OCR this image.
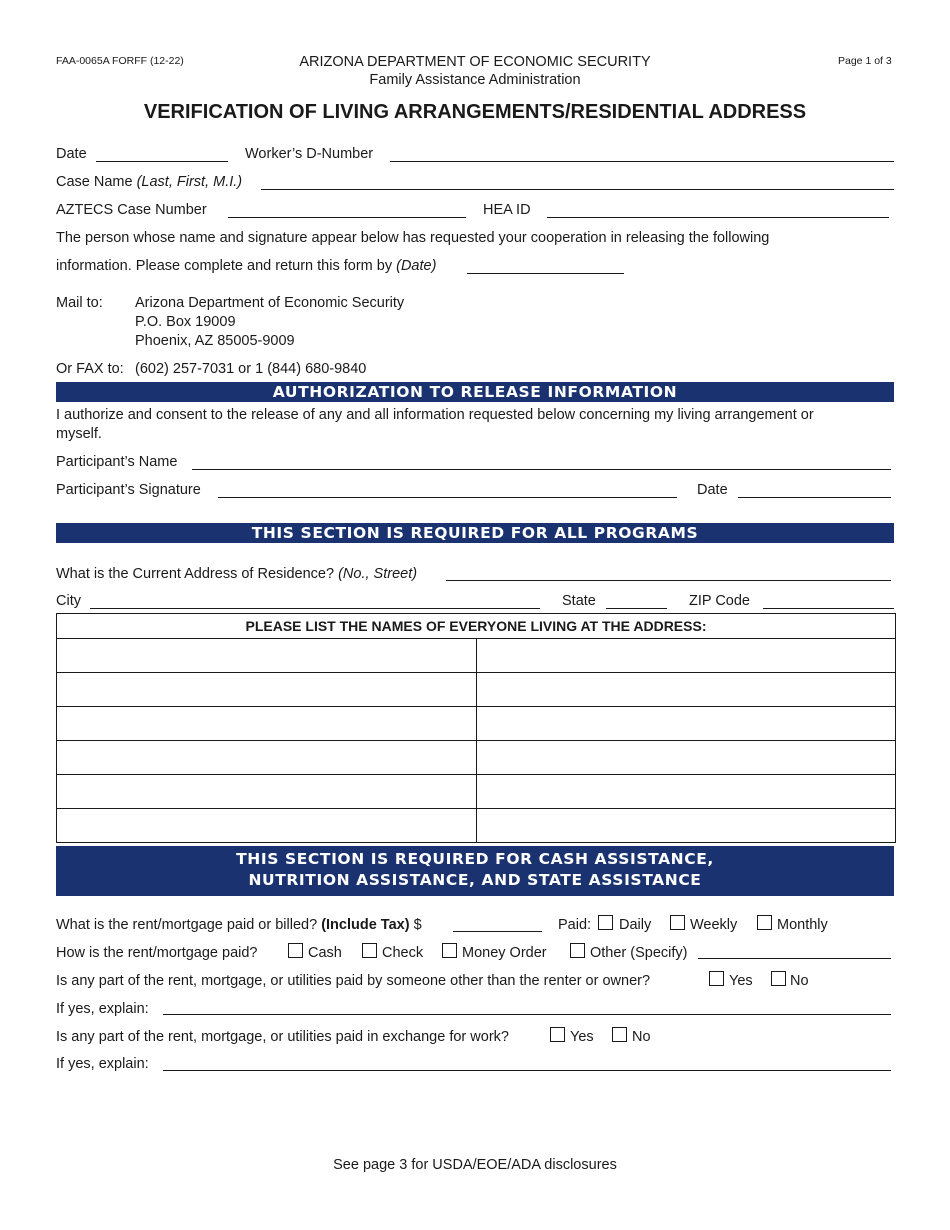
FAA-0065A FORFF (12-22)	ARIZONA DEPARTMENT OF ECONOMIC SECURITY
Family Assistance Administration
Page 1 of 3
VERIFICATION OF LIVING ARRANGEMENTS/RESIDENTIAL ADDRESS
Date	Worker’s D-Number
Case Name (Last, First, M.I.)
AZTECS Case Number	HEA ID
The person whose name and signature appear below has requested your cooperation in releasing the following
information. Please complete and return this form by (Date)
Mail to: Arizona Department of Economic Security
P.O. Box 19009
Phoenix, AZ 85005-9009
Or FAX to: (602) 257-7031 or 1 (844) 680-9840
AUTHORIZATION TO RELEASE INFORMATION
I authorize and consent to the release of any and all information requested below concerning my living arrangement or
myself.
Participant’s Name
Participant’s Signature	Date
THIS SECTION IS REQUIRED FOR ALL PROGRAMS
What is the Current Address of Residence? (No., Street)
City	State	ZIP Code
PLEASE LIST THE NAMES OF EVERYONE LIVING AT THE ADDRESS:
THIS SECTION IS REQUIRED FOR CASH ASSISTANCE,
NUTRITION ASSISTANCE, AND STATE ASSISTANCE
What is the rent/mortgage paid or billed? (Include Tax) $	Paid: Daily	Weekly	Monthly
How is the rent/mortgage paid?	Cash	Check	Money Order	Other (Specify)
Is any part of the rent, mortgage, or utilities paid by someone other than the renter or owner?	Yes	No
If yes, explain:
Is any part of the rent, mortgage, or utilities paid in exchange for work?	Yes	No
If yes, explain:
See page 3 for USDA/EOE/ADA disclosures
